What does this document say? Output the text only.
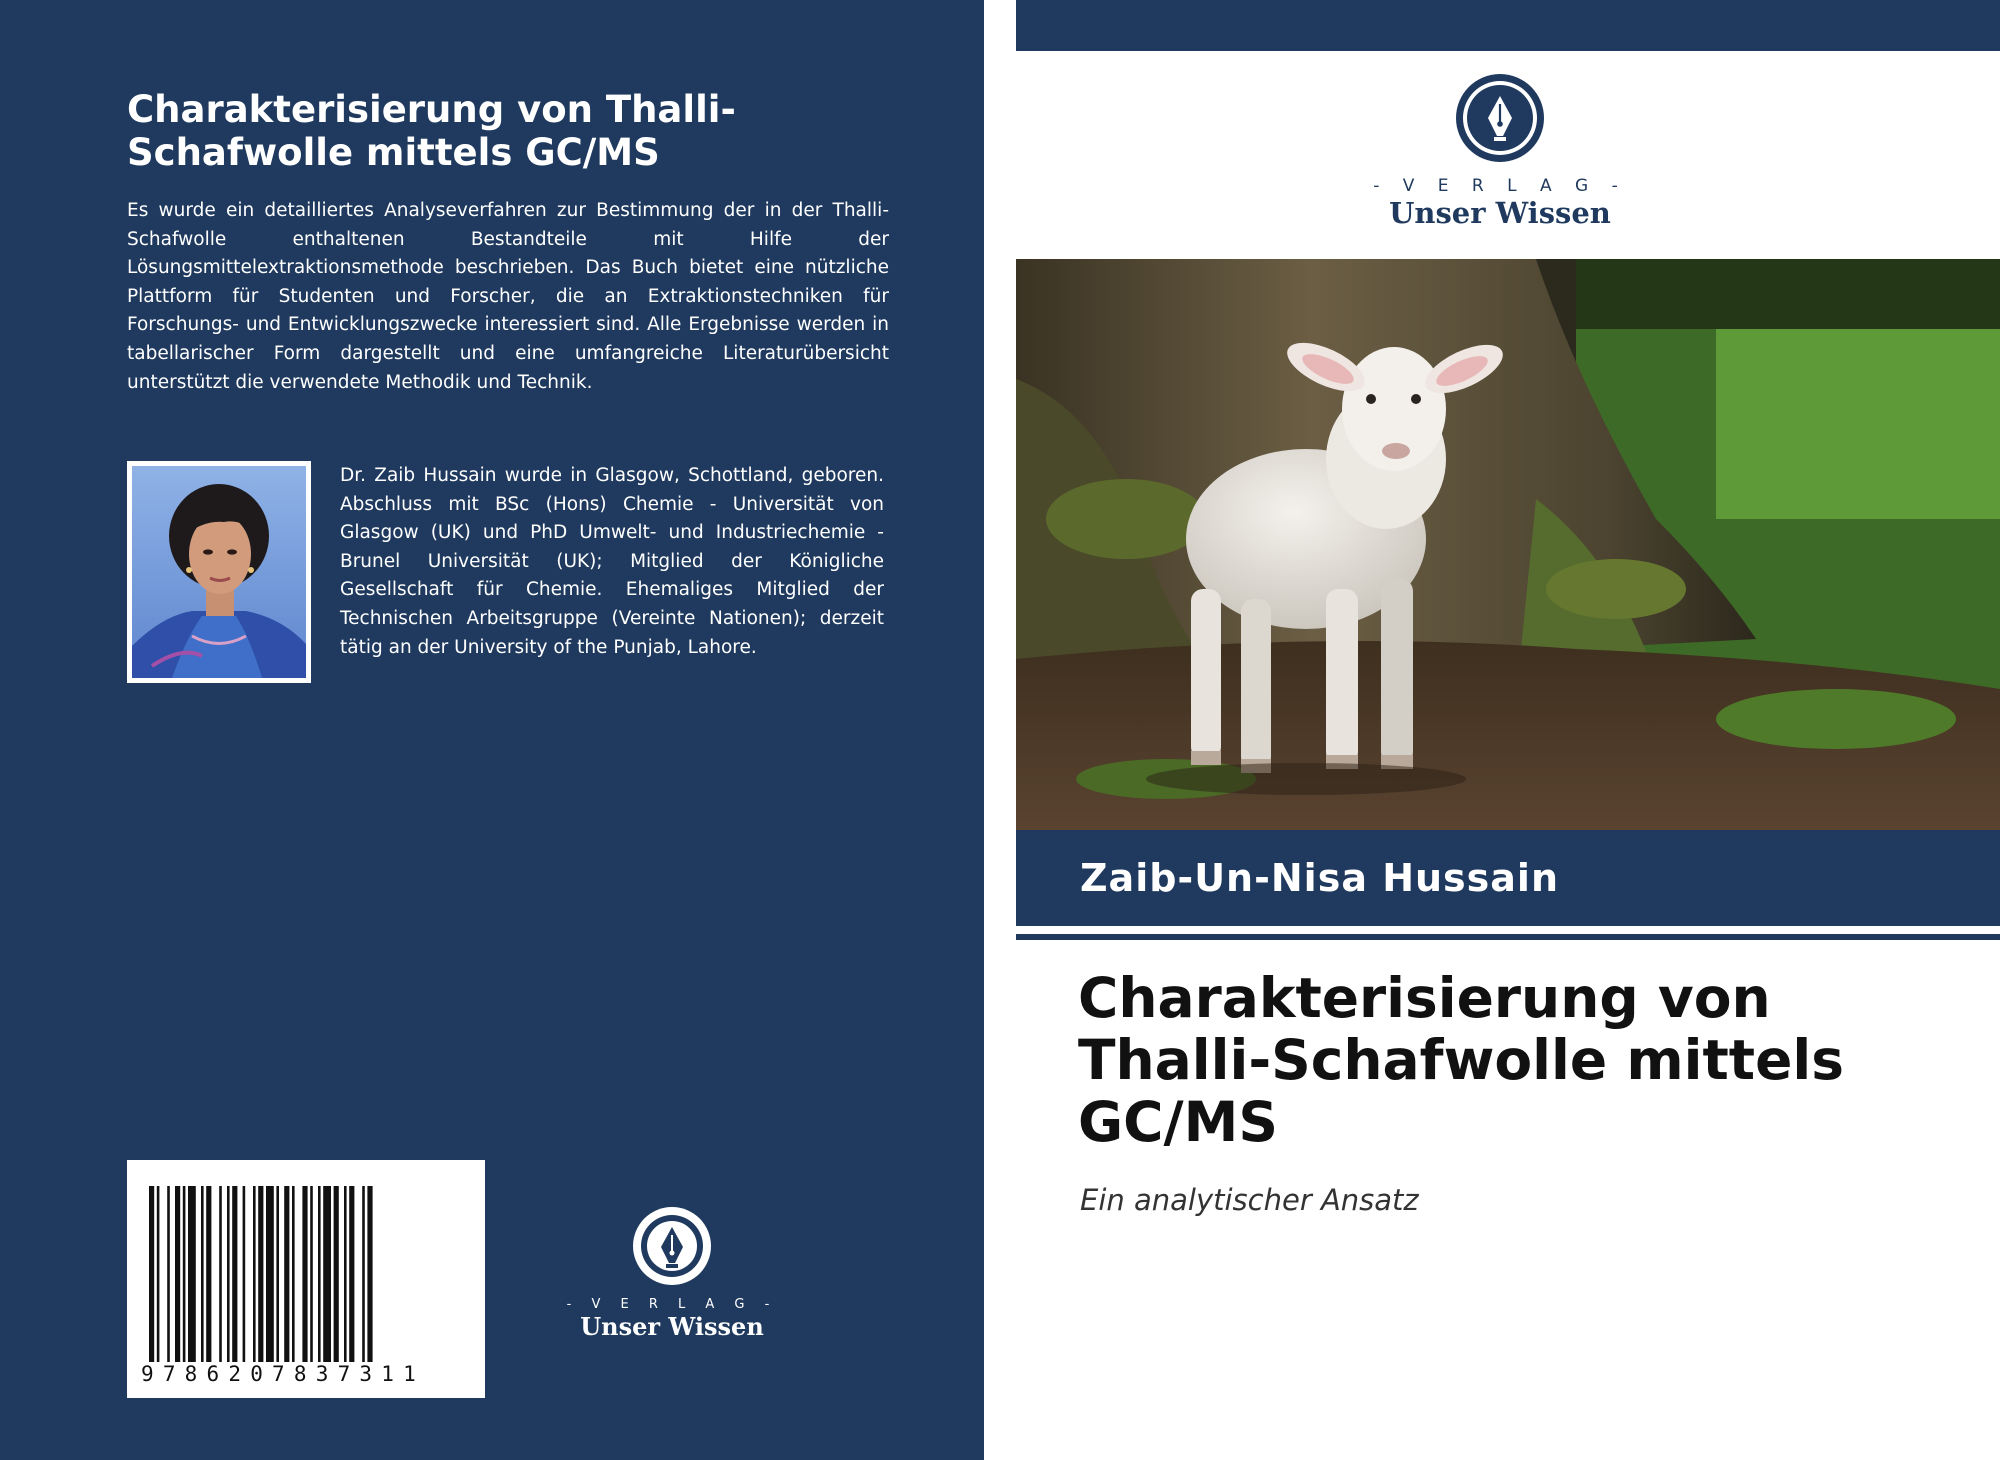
Charakterisierung von Thalli-Schafwolle mittels GC/MS

Es wurde ein detailliertes Analyseverfahren zur Bestimmung der in der Thalli-Schafwolle enthaltenen Bestandteile mit Hilfe der Lösungsmittelextraktionsmethode beschrieben. Das Buch bietet eine nützliche Plattform für Studenten und Forscher, die an Extraktionstechniken für Forschungs- und Entwicklungszwecke interessiert sind. Alle Ergebnisse werden in tabellarischer Form dargestellt und eine umfangreiche Literaturübersicht unterstützt die verwendete Methodik und Technik.

Dr. Zaib Hussain wurde in Glasgow, Schottland, geboren. Abschluss mit BSc (Hons) Chemie - Universität von Glasgow (UK) und PhD Umwelt- und Industriechemie - Brunel Universität (UK); Mitglied der Königliche Gesellschaft für Chemie. Ehemaliges Mitglied der Technischen Arbeitsgruppe (Vereinte Nationen); derzeit tätig an der University of the Punjab, Lahore.

9786207837311
- V E R L A G -
Unser Wissen
- V E R L A G -
Unser Wissen
Zaib-Un-Nisa Hussain
Charakterisierung von Thalli-Schafwolle mittels GC/MS

Ein analytischer Ansatz
